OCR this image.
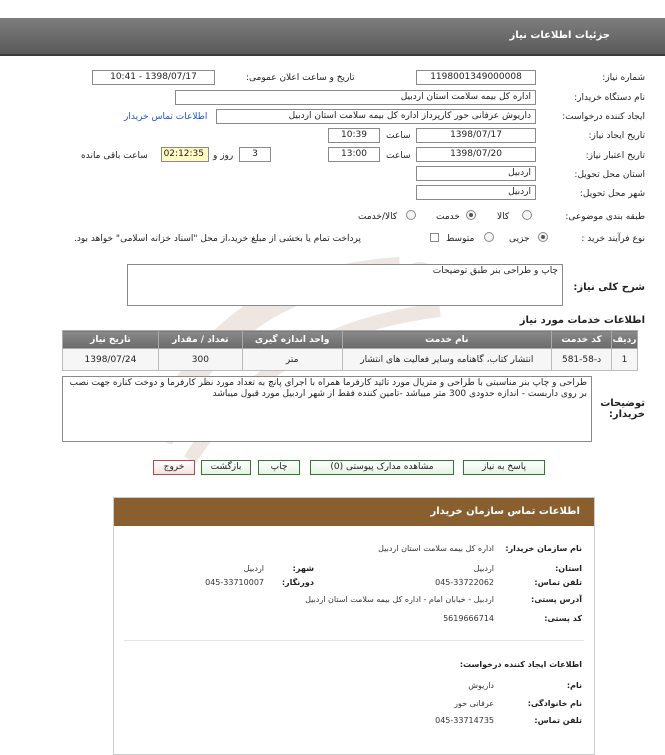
جزئیات اطلاعات نیاز
شماره نیاز:
1198001349000008
تاریخ و ساعت اعلان عمومی:
1398/07/17 - 10:41
نام دستگاه خریدار:
اداره کل بیمه سلامت استان اردبیل
ایجاد کننده درخواست:
داریوش عرفانی حور کارپرداز اداره کل بیمه سلامت استان اردبیل
اطلاعات تماس خریدار
تاریخ ایجاد نیاز:
1398/07/17
ساعت
10:39
تاریخ اعتبار نیاز:
1398/07/20
ساعت
13:00
3
روز و
02:12:35
ساعت باقی مانده
استان محل تحویل:
اردبیل
شهر محل تحویل:
اردبیل
طبقه بندی موضوعی:
کالا
خدمت
کالا/خدمت
نوع فرآیند خرید :
جزیی
متوسط
پرداخت تمام یا بخشی از مبلغ خرید،از محل "اسناد خزانه اسلامی" خواهد بود.
شرح کلی نیاز:
چاپ و طراحی بنر طبق توضیحات
اطلاعات خدمات مورد نیاز
ردیف	کد خدمت	نام خدمت	واحد اندازه گیری	تعداد / مقدار	تاریخ نیاز
1	د-58-581	انتشار کتاب، گاهنامه وسایر فعالیت های انتشار	متر	300	1398/07/24
توضیحات خریدار:
طراحی و چاپ بنر مناسبتی با طراحی و متریال مورد تائید کارفرما همراه با اجرای پانچ به تعداد مورد نظر کارفرما و دوخت کناره جهت نصب بر روی داربست - اندازه حدودی 300 متر میباشد -تامین کننده فقط از شهر اردبیل مورد قبول میباشد
پاسخ به نیاز
مشاهده مدارک پیوستی (0)
چاپ
بازگشت
خروج
اطلاعات تماس سازمان خریدار
نام سازمان خریدار:
اداره کل بیمه سلامت استان اردبیل
استان:
اردبیل
شهر:
اردبیل
تلفن تماس:
045-33722062
دورنگار:
045-33710007
آدرس پستی:
اردبیل - خیابان امام - اداره کل بیمه سلامت استان اردبیل
کد پستی:
5619666714
اطلاعات ایجاد کننده درخواست:
نام:
داریوش
نام خانوادگی:
عرفانی حور
تلفن تماس:
045-33714735
